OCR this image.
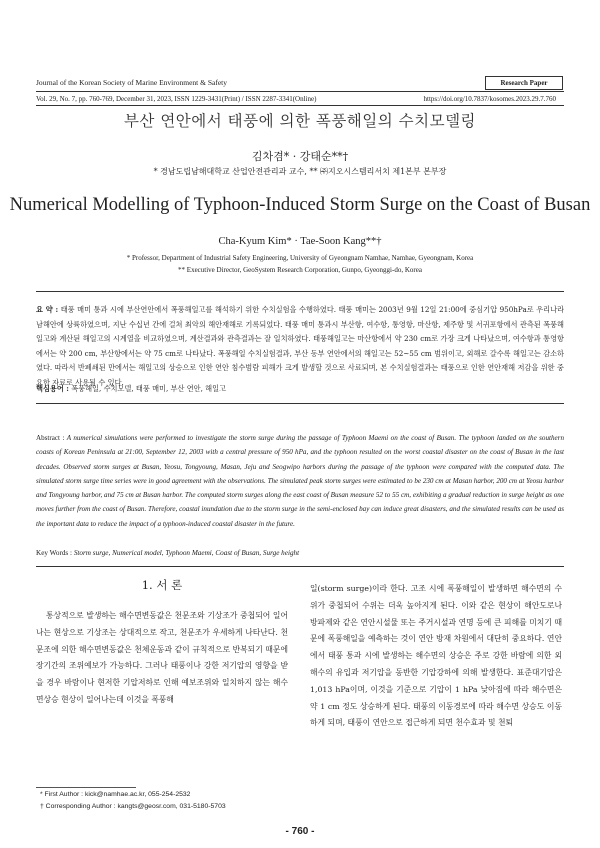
Journal of the Korean Society of Marine Environment & Safety	Research Paper
Vol. 29, No. 7, pp. 760-769, December 31, 2023, ISSN 1229-3431(Print) / ISSN 2287-3341(Online)	https://doi.org/10.7837/kosomes.2023.29.7.760
부산 연안에서 태풍에 의한 폭풍해일의 수치모델링
김차겸* · 강태순**†
* 경남도립남해대학교 산업안전관리과 교수, ** ㈜지오시스템리서치 제1본부 본부장
Numerical Modelling of Typhoon-Induced Storm Surge on the Coast of Busan
Cha-Kyum Kim* · Tae-Soon Kang**†
* Professor, Department of Industrial Safety Engineering, University of Gyeongnam Namhae, Namhae, Gyeongnam, Korea
** Executive Director, GeoSystem Research Corporation, Gunpo, Gyeonggi-do, Korea
요 약 : 태풍 매미 통과 시에 부산연안에서 폭풍해일고를 해석하기 위한 수치실험을 수행하였다. 태풍 매미는 2003년 9월 12일 21:00에 중심기압 950hPa로 우리나라 남해안에 상륙하였으며, 지난 수십년 간에 걸쳐 최악의 해안재해로 기록되었다. 태풍 매미 통과시 부산항, 여수항, 통영항, 마산항, 제주항 및 서귀포항에서 관측된 폭풍해일고와 계산된 해일고의 시계열을 비교하였으며, 계산결과와 관측결과는 잘 일치하였다. 태풍해일고는 마산항에서 약 230 cm로 가장 크게 나타났으며, 여수항과 통영항에서는 약 200 cm, 부산항에서는 약 75 cm로 나타났다. 폭풍해일 수치실험결과, 부산 동부 연안에서의 해일고는 52~55 cm 범위이고, 외해로 갈수록 해일고는 감소하였다. 따라서 반폐쇄된 만에서는 해일고의 상승으로 인한 연안 침수범람 피해가 크게 발생할 것으로 사료되며, 본 수치실험결과는 태풍으로 인한 연안재해 저감을 위한 중요한 자료로 사용될 수 있다.
핵심용어 : 폭풍해일, 수치모델, 태풍 매미, 부산 연안, 해일고
Abstract : A numerical simulations were performed to investigate the storm surge during the passage of Typhoon Maemi on the coast of Busan. The typhoon landed on the southern coasts of Korean Peninsula at 21:00, September 12, 2003 with a central pressure of 950 hPa, and the typhoon resulted on the worst coastal disaster on the coast of Busan in the last decades. Observed storm surges at Busan, Yeosu, Tongyoung, Masan, Jeju and Seogwipo harbors during the passage of the typhoon were compared with the computed data. The simulated storm surge time series were in good agreement with the observations. The simulated peak storm surges were estimated to be 230 cm at Masan harbor, 200 cm at Yeosu harbor and Tongyoung harbor, and 75 cm at Busan harbor. The computed storm surges along the east coast of Busan measure 52 to 55 cm, exhibiting a gradual reduction in surge height as one moves further from the coast of Busan. Therefore, coastal inundation due to the storm surge in the semi-enclosed bay can induce great disasters, and the simulated results can be used as the important data to reduce the impact of a typhoon-induced coastal disaster in the future.
Key Words : Storm surge, Numerical model, Typhoon Maemi, Coast of Busan, Surge height
1. 서 론
통상적으로 발생하는 해수면변동값은 천문조와 기상조가 중첩되어 일어나는 현상으로 기상조는 상대적으로 작고, 천문조가 우세하게 나타난다. 천문조에 의한 해수면변동값은 천체운동과 같이 규칙적으로 반복되기 때문에 장기간의 조위예보가 가능하다. 그러나 태풍이나 강한 저기압의 영향을 받을 경우 바람이나 현저한 기압저하로 인해 예보조위와 일치하지 않는 해수면상승 현상이 일어나는데 이것을 폭풍해
일(storm surge)이라 한다. 고조 시에 폭풍해일이 발생하면 해수면의 수위가 중첩되어 수위는 더욱 높아지게 된다. 이와 같은 현상이 해안도로나 방파제와 같은 연안시설물 또는 주거시설과 연명 등에 큰 피해를 미치기 때문에 폭풍해일을 예측하는 것이 연안 방재 차원에서 대단히 중요하다. 연안에서 태풍 통과 시에 발생하는 해수면의 상승은 주로 강한 바람에 의한 외해수의 유입과 저기압을 동반한 기압강하에 의해 발생한다. 표준대기압은 1,013 hPa이며, 이것을 기준으로 기압이 1 hPa 낮아짐에 따라 해수면은 약 1 cm 정도 상승하게 된다. 태풍의 이동경로에 따라 해수면 상승도 이동하게 되며, 태풍이 연안으로 접근하게 되면 천수효과 및 천퇴
* First Author : kick@namhae.ac.kr, 055-254-2532
† Corresponding Author : kangts@geosr.com, 031-5180-5703
- 760 -
